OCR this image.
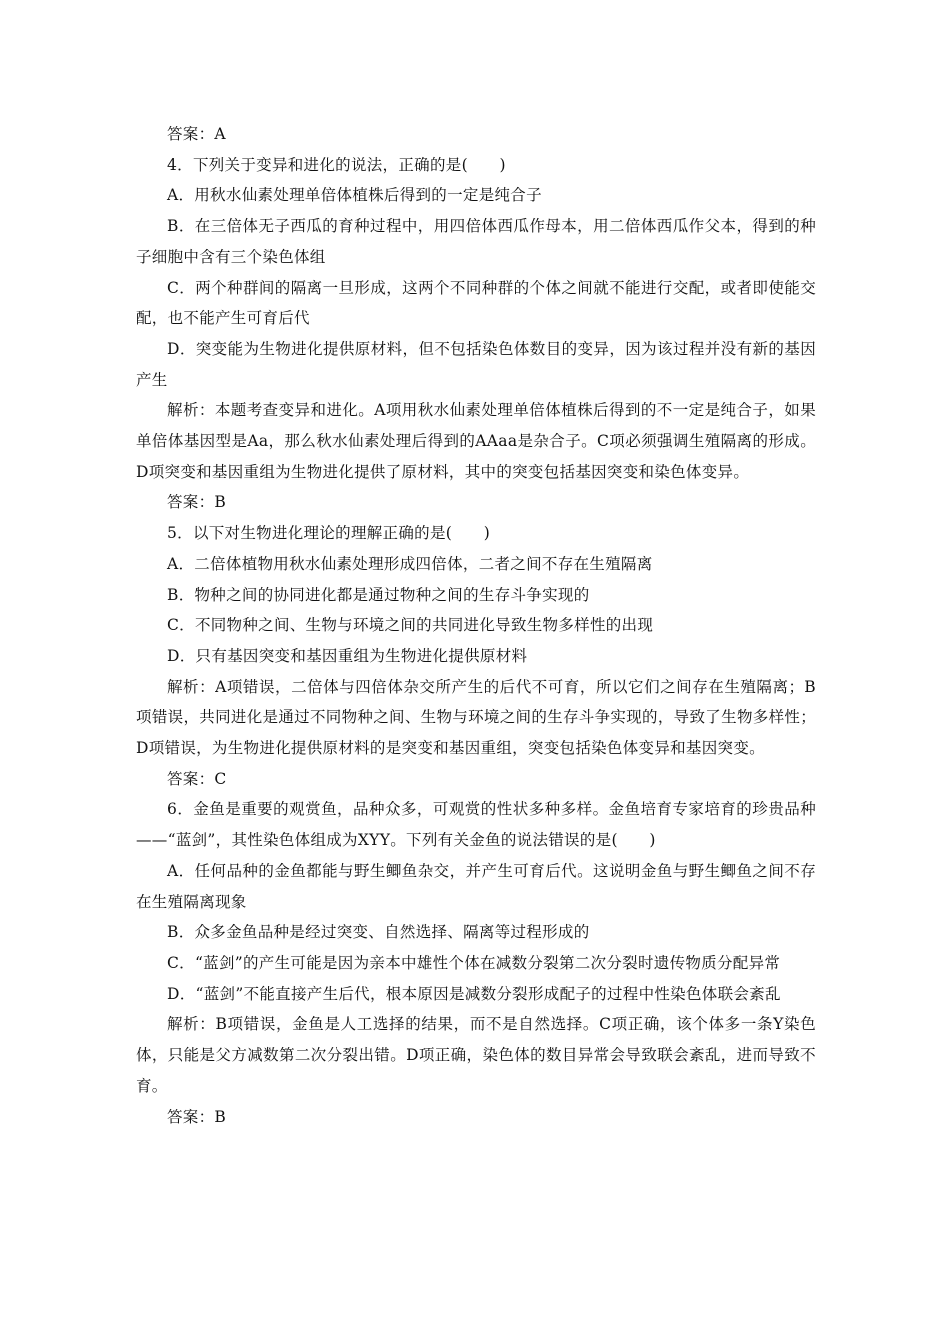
答案：A

4．下列关于变异和进化的说法，正确的是(　　)

A．用秋水仙素处理单倍体植株后得到的一定是纯合子

B．在三倍体无子西瓜的育种过程中，用四倍体西瓜作母本，用二倍体西瓜作父本，得到的种子细胞中含有三个染色体组

C．两个种群间的隔离一旦形成，这两个不同种群的个体之间就不能进行交配，或者即使能交配，也不能产生可育后代

D．突变能为生物进化提供原材料，但不包括染色体数目的变异，因为该过程并没有新的基因产生

解析：本题考查变异和进化。A项用秋水仙素处理单倍体植株后得到的不一定是纯合子，如果单倍体基因型是Aa，那么秋水仙素处理后得到的AAaa是杂合子。C项必须强调生殖隔离的形成。D项突变和基因重组为生物进化提供了原材料，其中的突变包括基因突变和染色体变异。

答案：B

5．以下对生物进化理论的理解正确的是(　　)

A．二倍体植物用秋水仙素处理形成四倍体，二者之间不存在生殖隔离

B．物种之间的协同进化都是通过物种之间的生存斗争实现的

C．不同物种之间、生物与环境之间的共同进化导致生物多样性的出现

D．只有基因突变和基因重组为生物进化提供原材料

解析：A项错误，二倍体与四倍体杂交所产生的后代不可育，所以它们之间存在生殖隔离；B项错误，共同进化是通过不同物种之间、生物与环境之间的生存斗争实现的，导致了生物多样性；D项错误，为生物进化提供原材料的是突变和基因重组，突变包括染色体变异和基因突变。

答案：C

6．金鱼是重要的观赏鱼，品种众多，可观赏的性状多种多样。金鱼培育专家培育的珍贵品种——“蓝剑”，其性染色体组成为XYY。下列有关金鱼的说法错误的是(　　)

A．任何品种的金鱼都能与野生鲫鱼杂交，并产生可育后代。这说明金鱼与野生鲫鱼之间不存在生殖隔离现象

B．众多金鱼品种是经过突变、自然选择、隔离等过程形成的

C．“蓝剑”的产生可能是因为亲本中雄性个体在减数分裂第二次分裂时遗传物质分配异常

D．“蓝剑”不能直接产生后代，根本原因是减数分裂形成配子的过程中性染色体联会紊乱

解析：B项错误，金鱼是人工选择的结果，而不是自然选择。C项正确，该个体多一条Y染色体，只能是父方减数第二次分裂出错。D项正确，染色体的数目异常会导致联会紊乱，进而导致不育。

答案：B
